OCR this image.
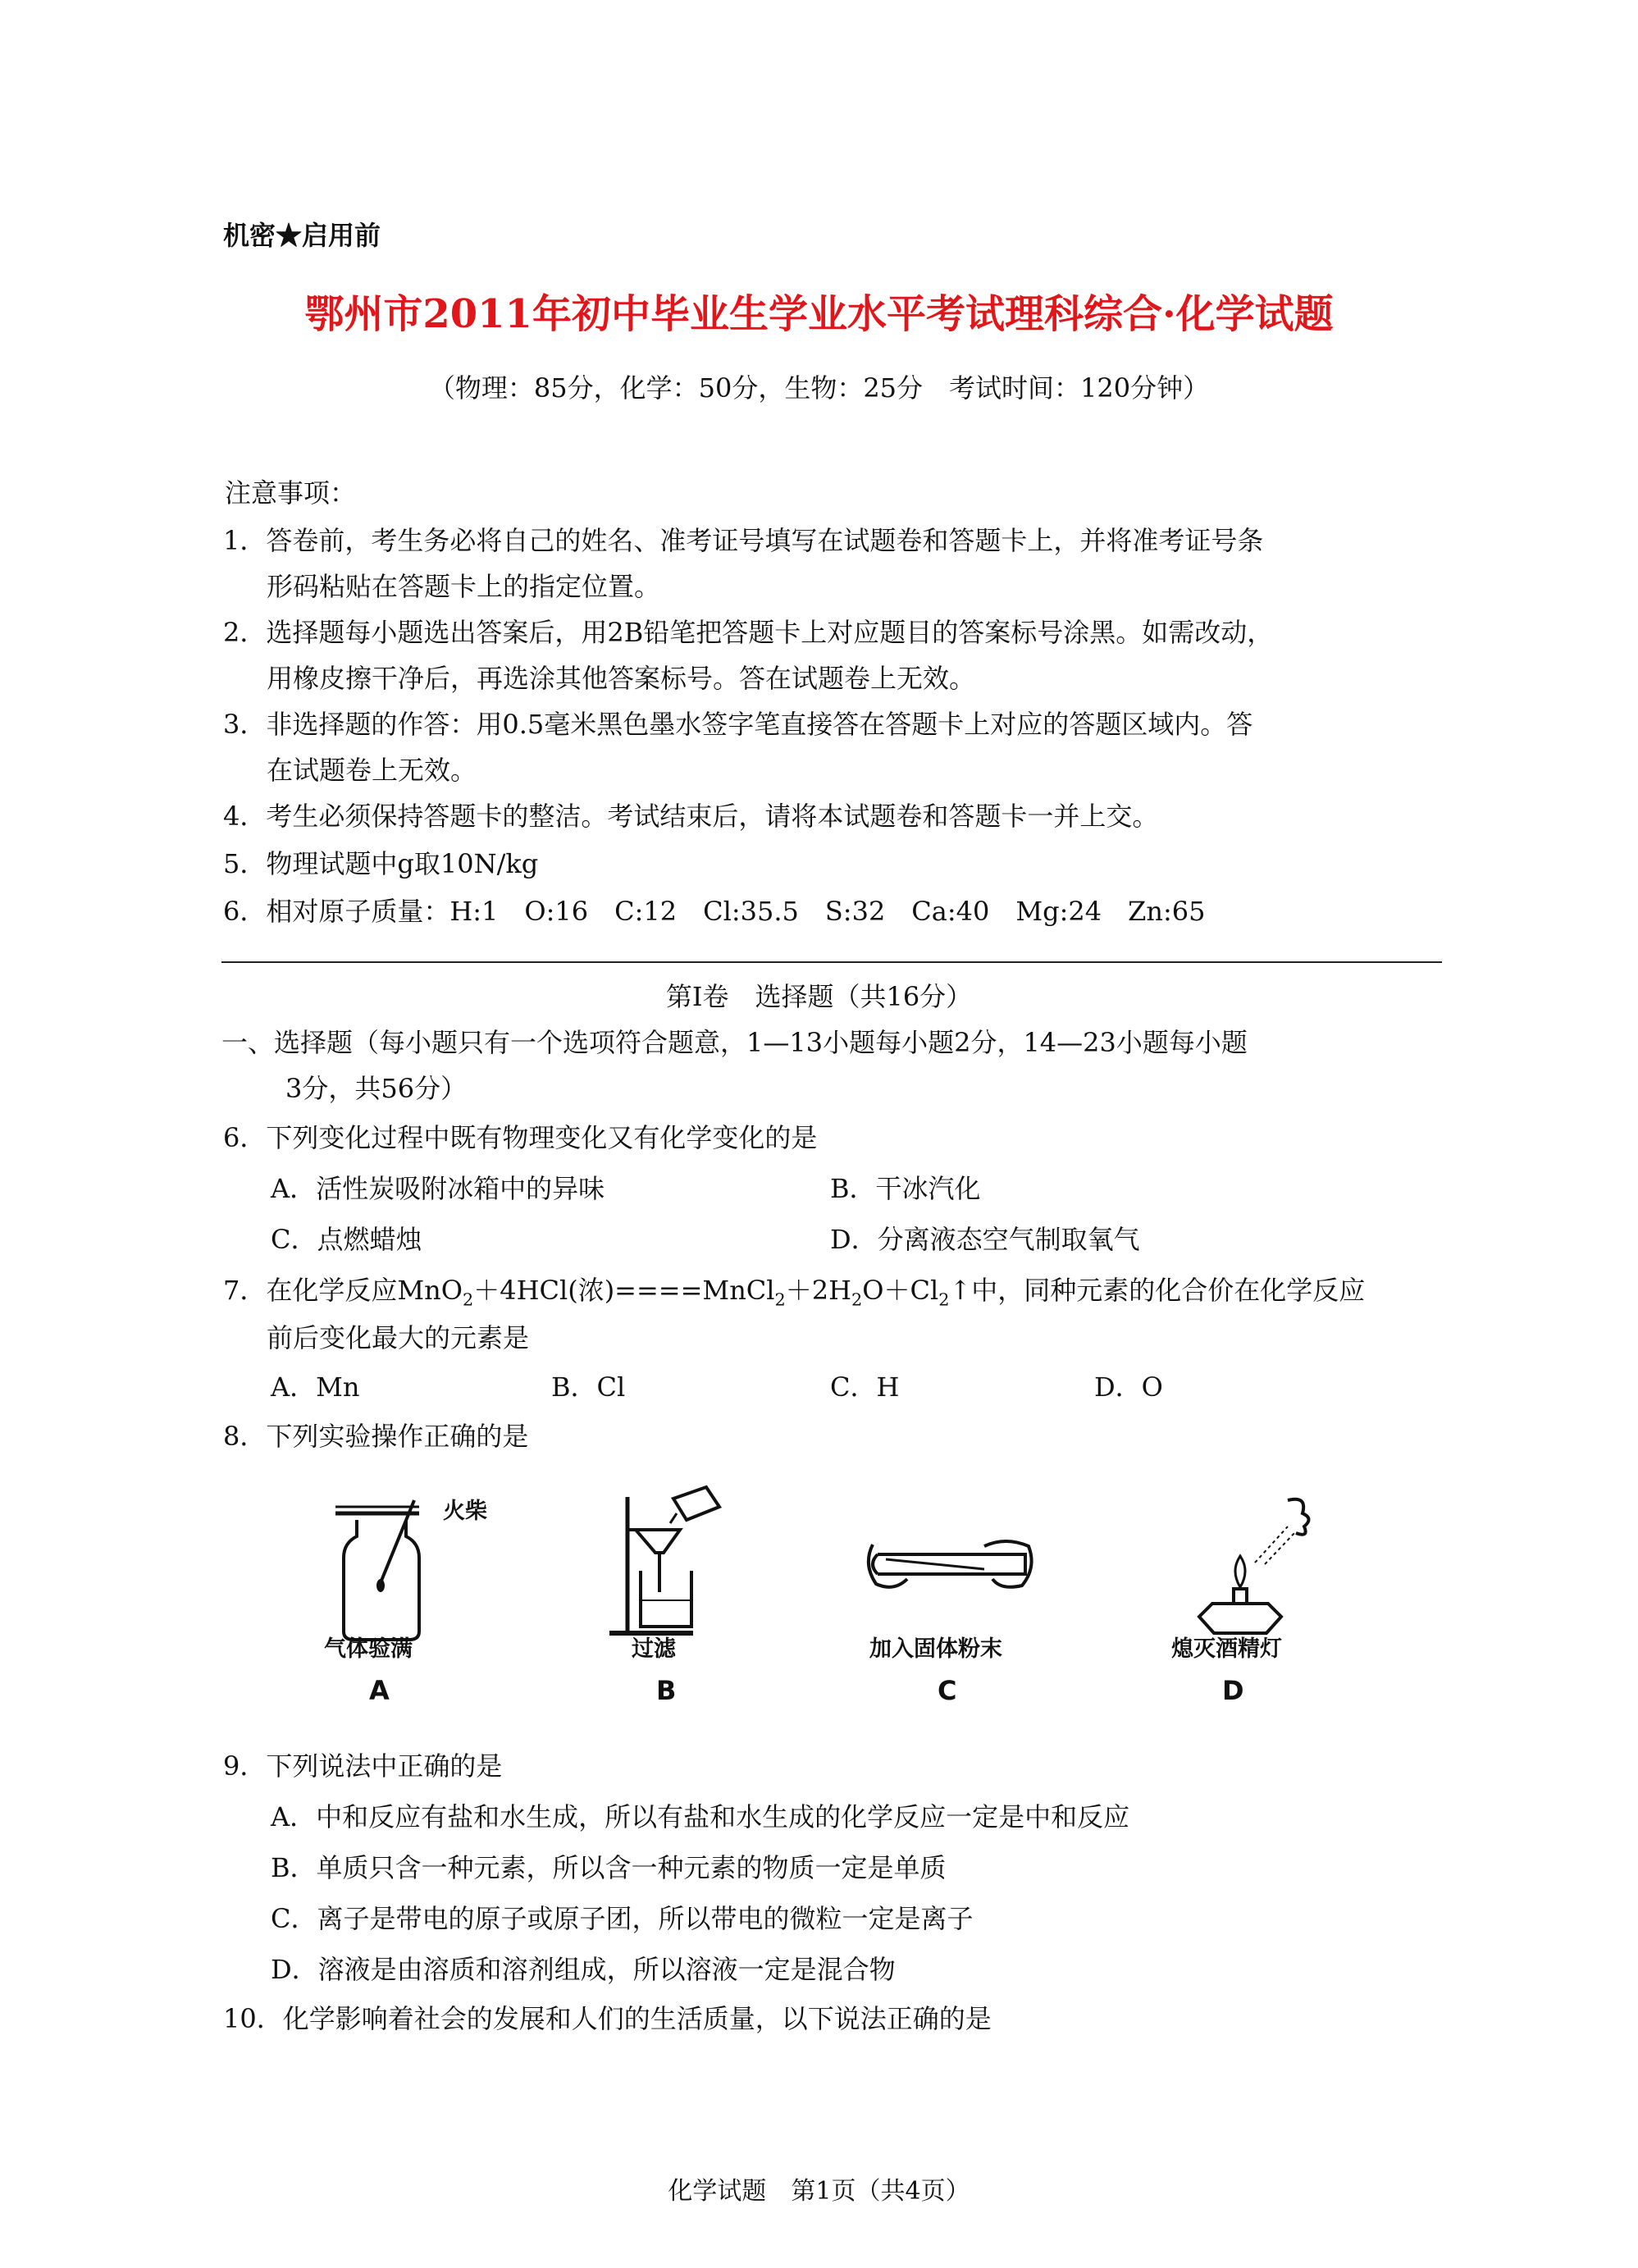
机密★启用前
鄂州市2011年初中毕业生学业水平考试理科综合·化学试题
（物理：85分，化学：50分，生物：25分　考试时间：120分钟）
注意事项：
1．答卷前，考生务必将自己的姓名、准考证号填写在试题卷和答题卡上，并将准考证号条
形码粘贴在答题卡上的指定位置。
2．选择题每小题选出答案后，用2B铅笔把答题卡上对应题目的答案标号涂黑。如需改动，
用橡皮擦干净后，再选涂其他答案标号。答在试题卷上无效。
3．非选择题的作答：用0.5毫米黑色墨水签字笔直接答在答题卡上对应的答题区域内。答
在试题卷上无效。
4．考生必须保持答题卡的整洁。考试结束后，请将本试题卷和答题卡一并上交。
5．物理试题中g取10N/kg
6．相对原子质量：H:1　O:16　C:12　Cl:35.5　S:32　Ca:40　Mg:24　Zn:65
第Ⅰ卷　选择题（共16分）
一、选择题（每小题只有一个选项符合题意，1—13小题每小题2分，14—23小题每小题
3分，共56分）
6．下列变化过程中既有物理变化又有化学变化的是
A．活性炭吸附冰箱中的异味	B．干冰汽化
C．点燃蜡烛	D．分离液态空气制取氧气
7．在化学反应MnO$_2$＋4HCl(浓)$====MnCl_2+2H_2O+Cl_2↑$中，同种元素的化合价在化学反应
前后变化最大的元素是
A．Mn	B．Cl	C．H	D．O
8．下列实验操作正确的是
火柴
气体验满
A
过滤
B
加入固体粉末
C
熄灭酒精灯
D
9．下列说法中正确的是
A．中和反应有盐和水生成，所以有盐和水生成的化学反应一定是中和反应
B．单质只含一种元素，所以含一种元素的物质一定是单质
C．离子是带电的原子或原子团，所以带电的微粒一定是离子
D．溶液是由溶质和溶剂组成，所以溶液一定是混合物
10．化学影响着社会的发展和人们的生活质量，以下说法正确的是
化学试题　第1页（共4页）
